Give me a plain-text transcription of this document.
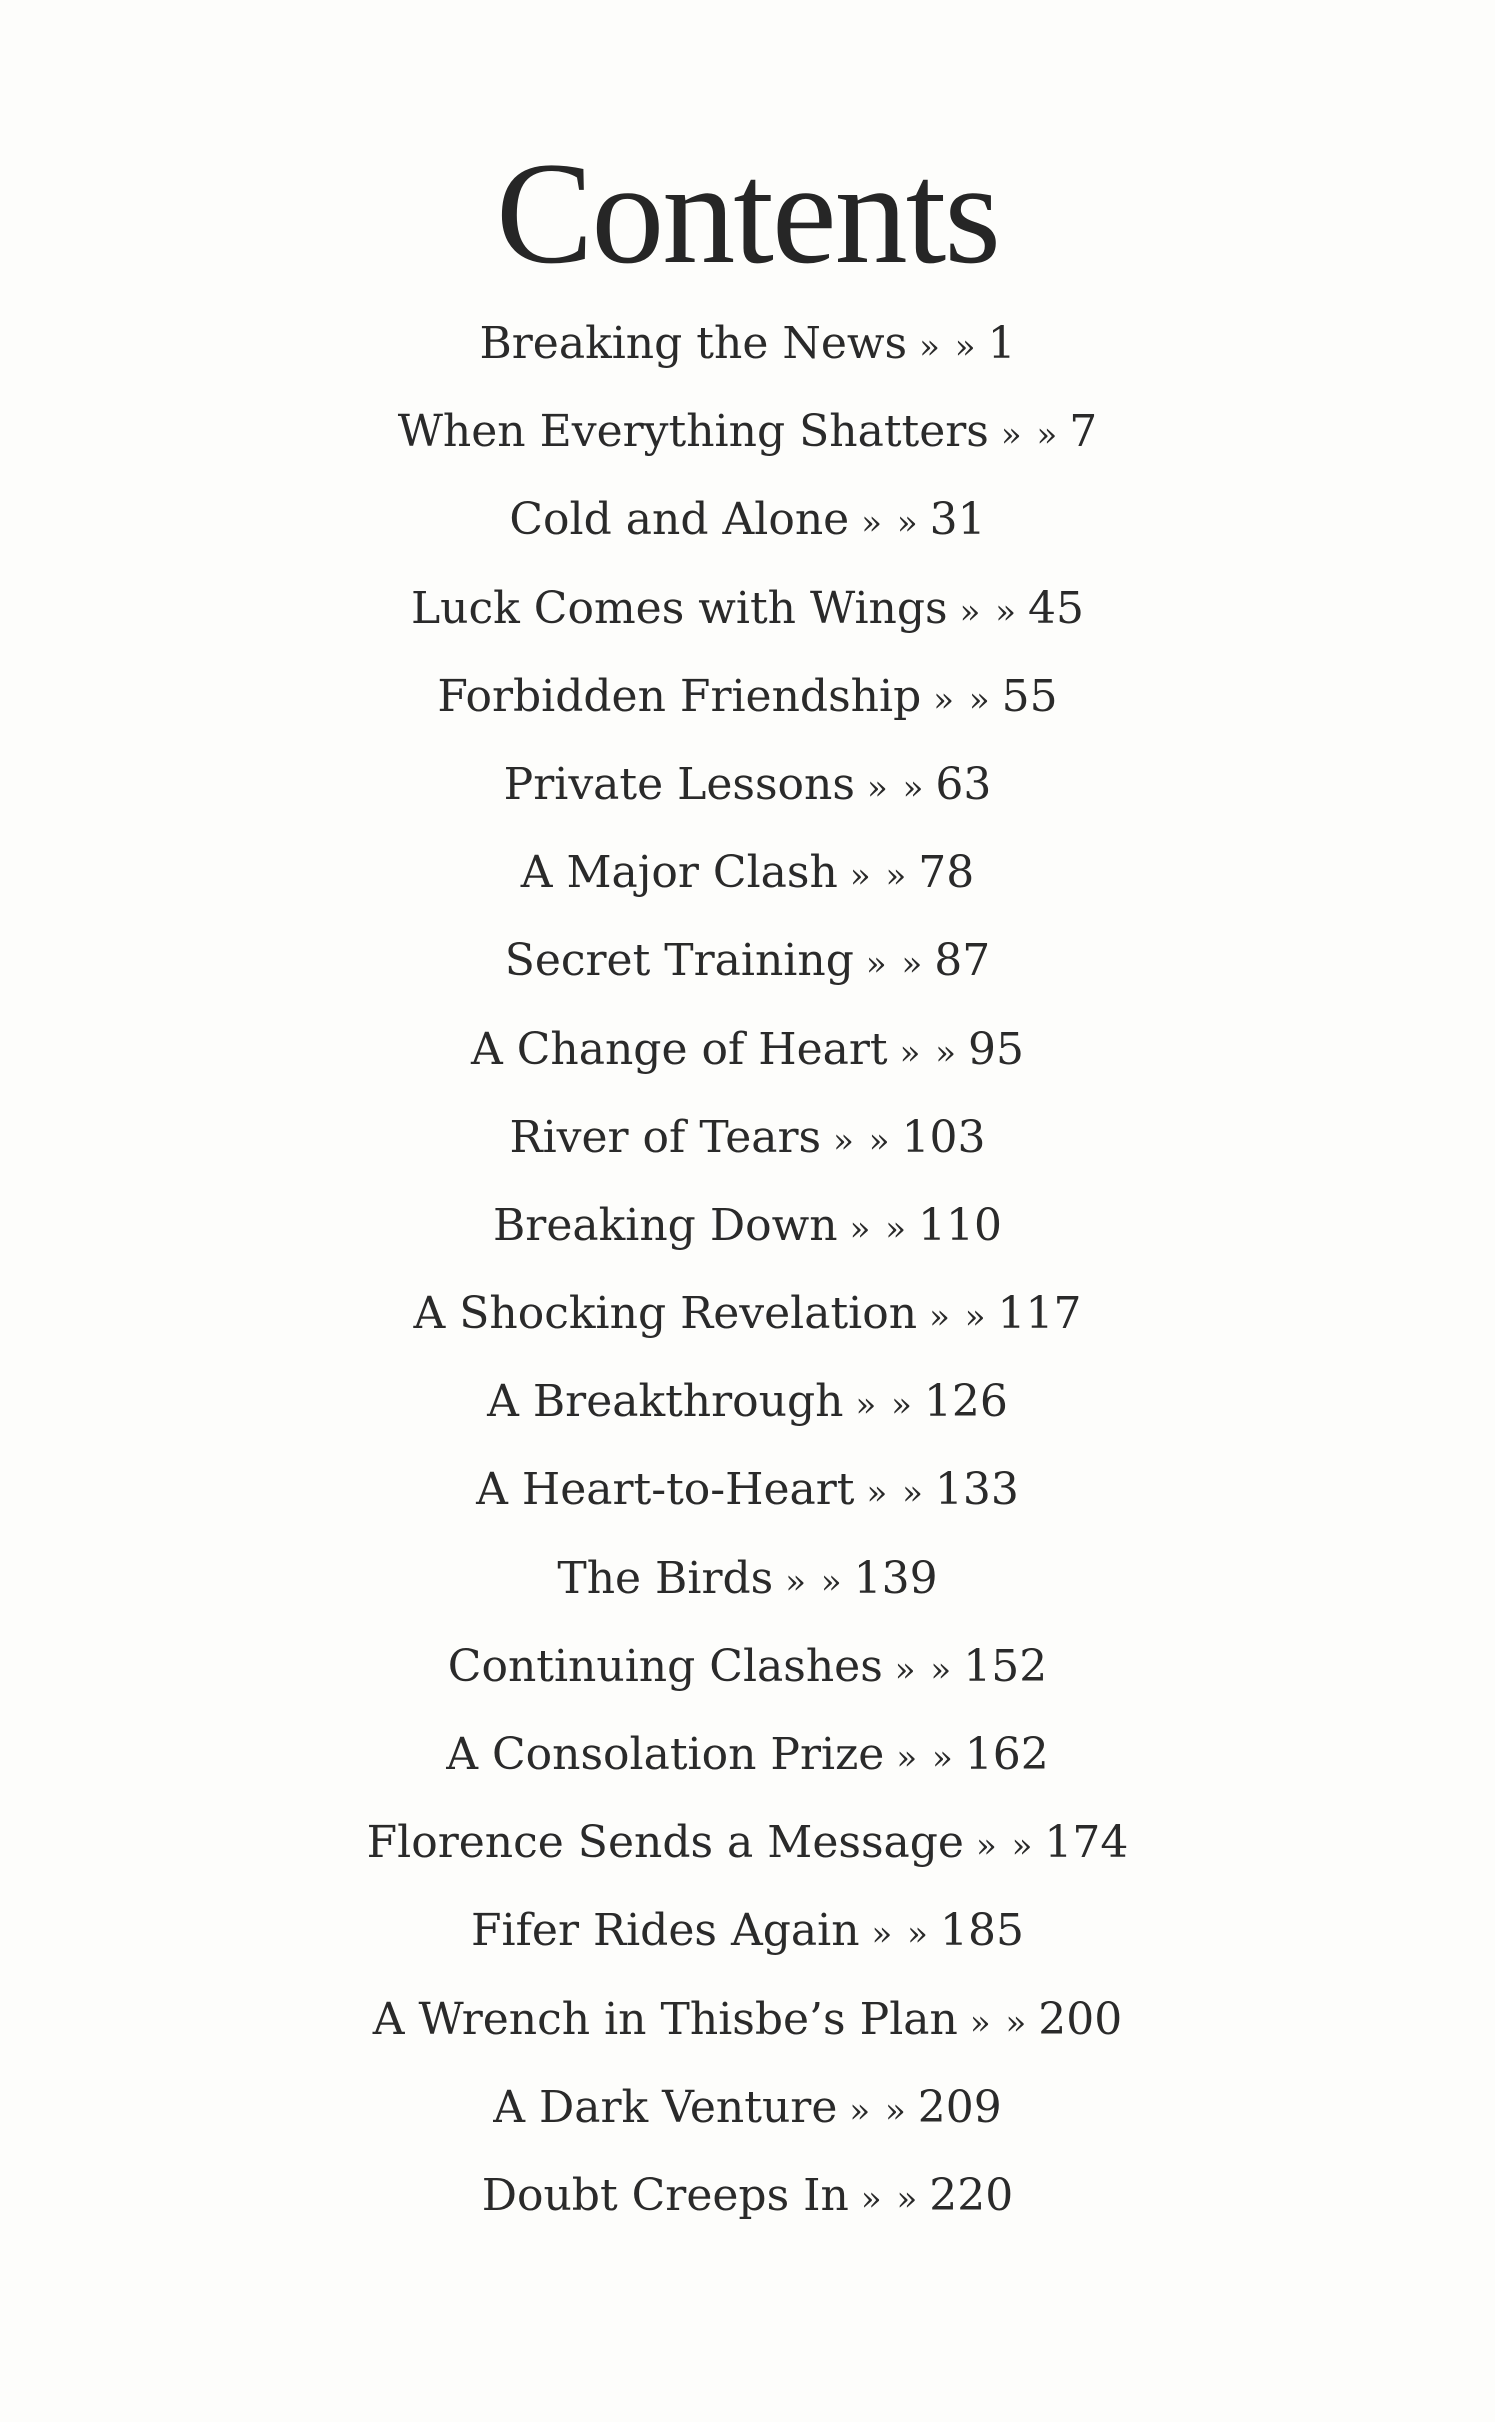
Contents
Breaking the News » » 1
When Everything Shatters » » 7
Cold and Alone » » 31
Luck Comes with Wings » » 45
Forbidden Friendship » » 55
Private Lessons » » 63
A Major Clash » » 78
Secret Training » » 87
A Change of Heart » » 95
River of Tears » » 103
Breaking Down » » 110
A Shocking Revelation » » 117
A Breakthrough » » 126
A Heart-to-Heart » » 133
The Birds » » 139
Continuing Clashes » » 152
A Consolation Prize » » 162
Florence Sends a Message » » 174
Fifer Rides Again » » 185
A Wrench in Thisbe’s Plan » » 200
A Dark Venture » » 209
Doubt Creeps In » » 220
